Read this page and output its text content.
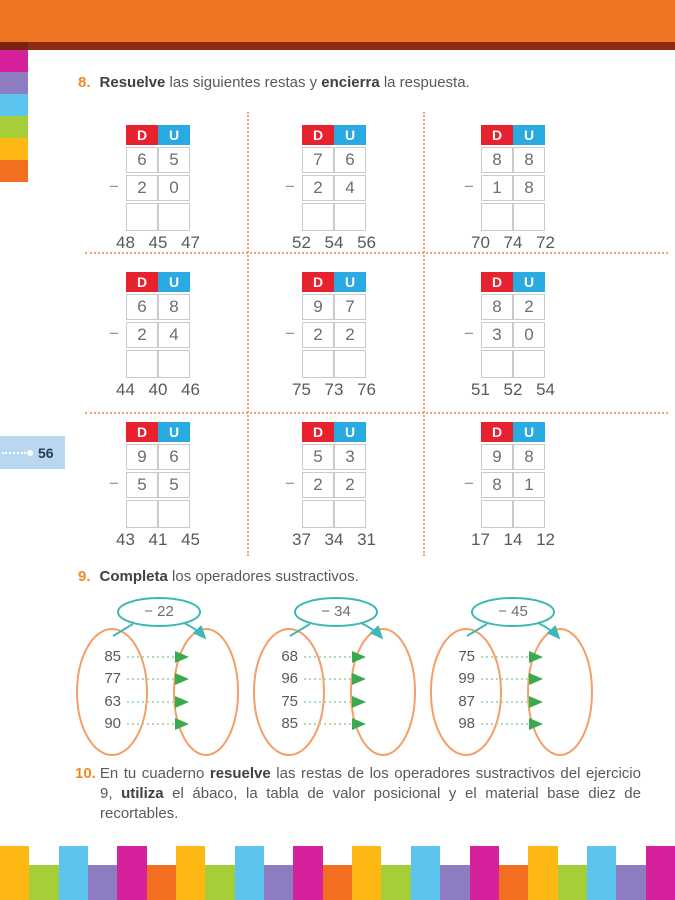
8. Resuelve las siguientes restas y encierra la respuesta.
D	U
6	5
2	0
−
48 45 47
D	U
7	6
2	4
−
52 54 56
D	U
8	8
1	8
−
70 74 72
D	U
6	8
2	4
−
44 40 46
D	U
9	7
2	2
−
75 73 76
D	U
8	2
3	0
−
51 52 54
D	U
9	6
5	5
−
43 41 45
D	U
5	3
2	2
−
37 34 31
D	U
9	8
8	1
−
17 14 12
56
9. Completa los operadores sustractivos.
− 22
85
77
63
90
− 34
68
96
75
85
− 45
75
99
87
98
10. En tu cuaderno resuelve las restas de los operadores sustractivos del ejercicio 9, utiliza el ábaco, la tabla de valor posicional y el material base diez de recortables.
